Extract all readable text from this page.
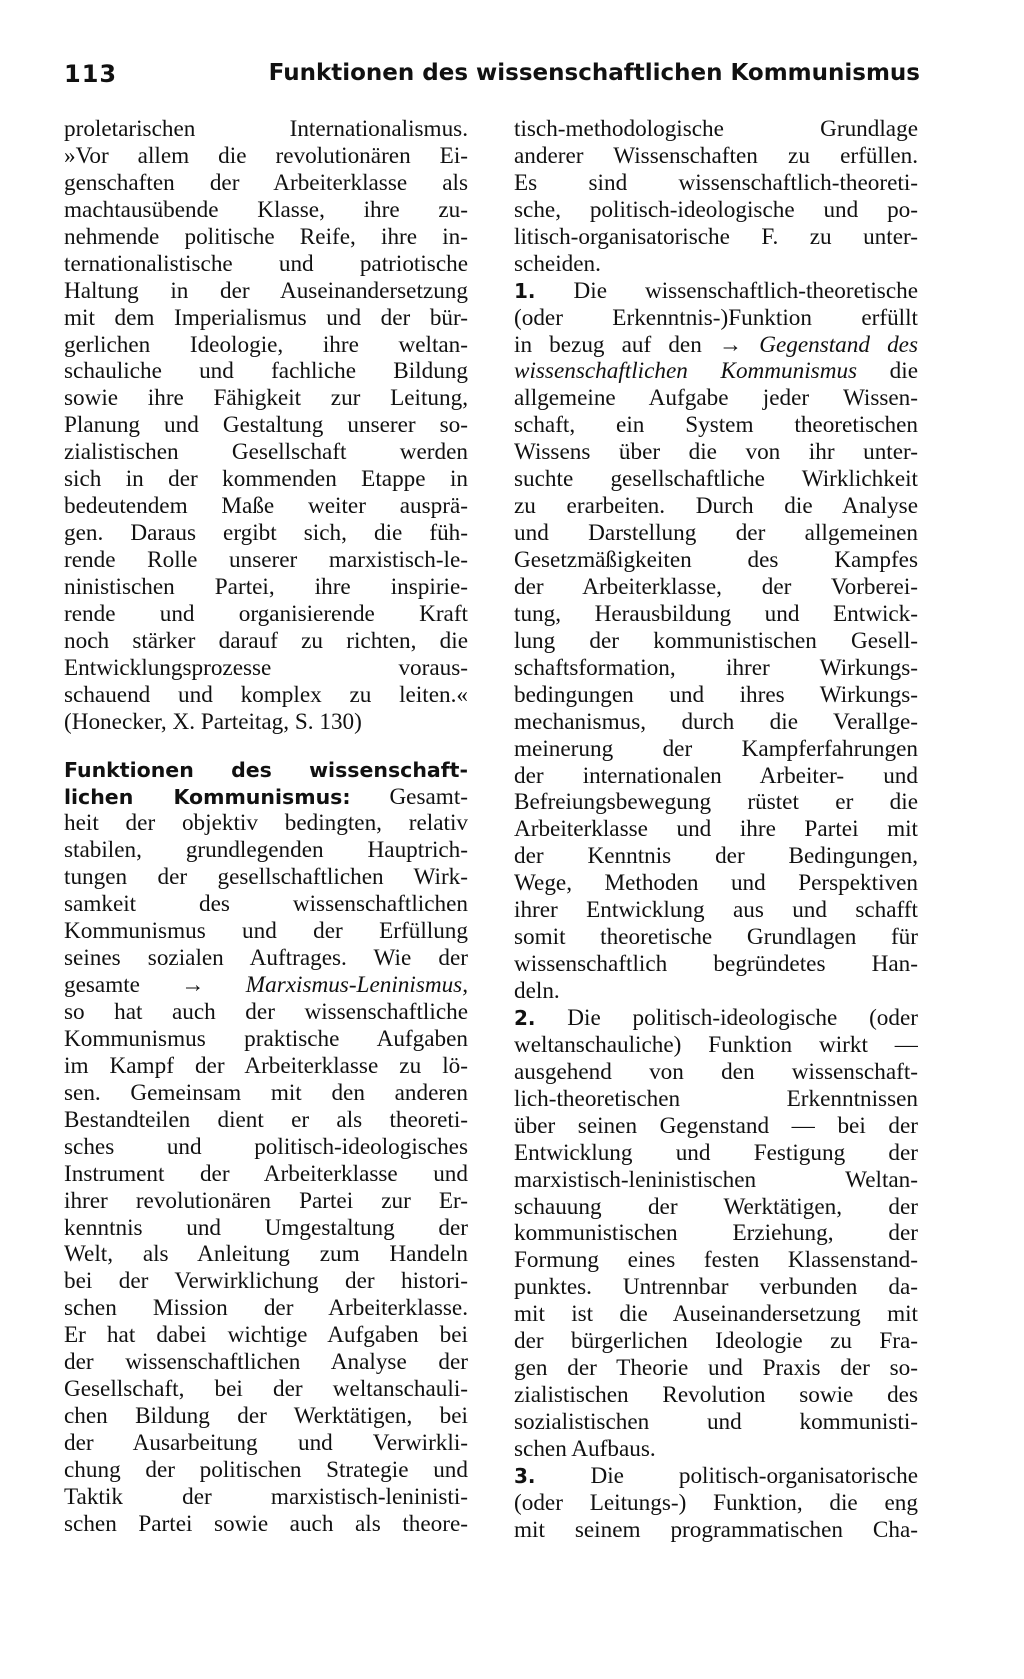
113	Funktionen des wissenschaftlichen Kommunismus
proletarischen Internationalismus.
»Vor allem die revolutionären Ei-
genschaften der Arbeiterklasse als
machtausübende Klasse, ihre zu-
nehmende politische Reife, ihre in-
ternationalistische und patriotische
Haltung in der Auseinandersetzung
mit dem Imperialismus und der bür-
gerlichen Ideologie, ihre weltan-
schauliche und fachliche Bildung
sowie ihre Fähigkeit zur Leitung,
Planung und Gestaltung unserer so-
zialistischen Gesellschaft werden
sich in der kommenden Etappe in
bedeutendem Maße weiter ausprä-
gen. Daraus ergibt sich, die füh-
rende Rolle unserer marxistisch-le-
ninistischen Partei, ihre inspirie-
rende und organisierende Kraft
noch stärker darauf zu richten, die
Entwicklungsprozesse voraus-
schauend und komplex zu leiten.«
(Honecker, X. Parteitag, S. 130)
Funktionen des wissenschaft-
lichen Kommunismus: Gesamt-
heit der objektiv bedingten, relativ
stabilen, grundlegenden Hauptrich-
tungen der gesellschaftlichen Wirk-
samkeit des wissenschaftlichen
Kommunismus und der Erfüllung
seines sozialen Auftrages. Wie der
gesamte → Marxismus-Leninismus,
so hat auch der wissenschaftliche
Kommunismus praktische Aufgaben
im Kampf der Arbeiterklasse zu lö-
sen. Gemeinsam mit den anderen
Bestandteilen dient er als theoreti-
sches und politisch-ideologisches
Instrument der Arbeiterklasse und
ihrer revolutionären Partei zur Er-
kenntnis und Umgestaltung der
Welt, als Anleitung zum Handeln
bei der Verwirklichung der histori-
schen Mission der Arbeiterklasse.
Er hat dabei wichtige Aufgaben bei
der wissenschaftlichen Analyse der
Gesellschaft, bei der weltanschauli-
chen Bildung der Werktätigen, bei
der Ausarbeitung und Verwirkli-
chung der politischen Strategie und
Taktik der marxistisch-leninisti-
schen Partei sowie auch als theore-
tisch-methodologische Grundlage
anderer Wissenschaften zu erfüllen.
Es sind wissenschaftlich-theoreti-
sche, politisch-ideologische und po-
litisch-organisatorische F. zu unter-
scheiden.
1. Die wissenschaftlich-theoretische
(oder Erkenntnis-)Funktion erfüllt
in bezug auf den → Gegenstand des
wissenschaftlichen Kommunismus die
allgemeine Aufgabe jeder Wissen-
schaft, ein System theoretischen
Wissens über die von ihr unter-
suchte gesellschaftliche Wirklichkeit
zu erarbeiten. Durch die Analyse
und Darstellung der allgemeinen
Gesetzmäßigkeiten des Kampfes
der Arbeiterklasse, der Vorberei-
tung, Herausbildung und Entwick-
lung der kommunistischen Gesell-
schaftsformation, ihrer Wirkungs-
bedingungen und ihres Wirkungs-
mechanismus, durch die Verallge-
meinerung der Kampferfahrungen
der internationalen Arbeiter- und
Befreiungsbewegung rüstet er die
Arbeiterklasse und ihre Partei mit
der Kenntnis der Bedingungen,
Wege, Methoden und Perspektiven
ihrer Entwicklung aus und schafft
somit theoretische Grundlagen für
wissenschaftlich begründetes Han-
deln.
2. Die politisch-ideologische (oder
weltanschauliche) Funktion wirkt —
ausgehend von den wissenschaft-
lich-theoretischen Erkenntnissen
über seinen Gegenstand — bei der
Entwicklung und Festigung der
marxistisch-leninistischen Weltan-
schauung der Werktätigen, der
kommunistischen Erziehung, der
Formung eines festen Klassenstand-
punktes. Untrennbar verbunden da-
mit ist die Auseinandersetzung mit
der bürgerlichen Ideologie zu Fra-
gen der Theorie und Praxis der so-
zialistischen Revolution sowie des
sozialistischen und kommunisti-
schen Aufbaus.
3. Die politisch-organisatorische
(oder Leitungs-) Funktion, die eng
mit seinem programmatischen Cha-
